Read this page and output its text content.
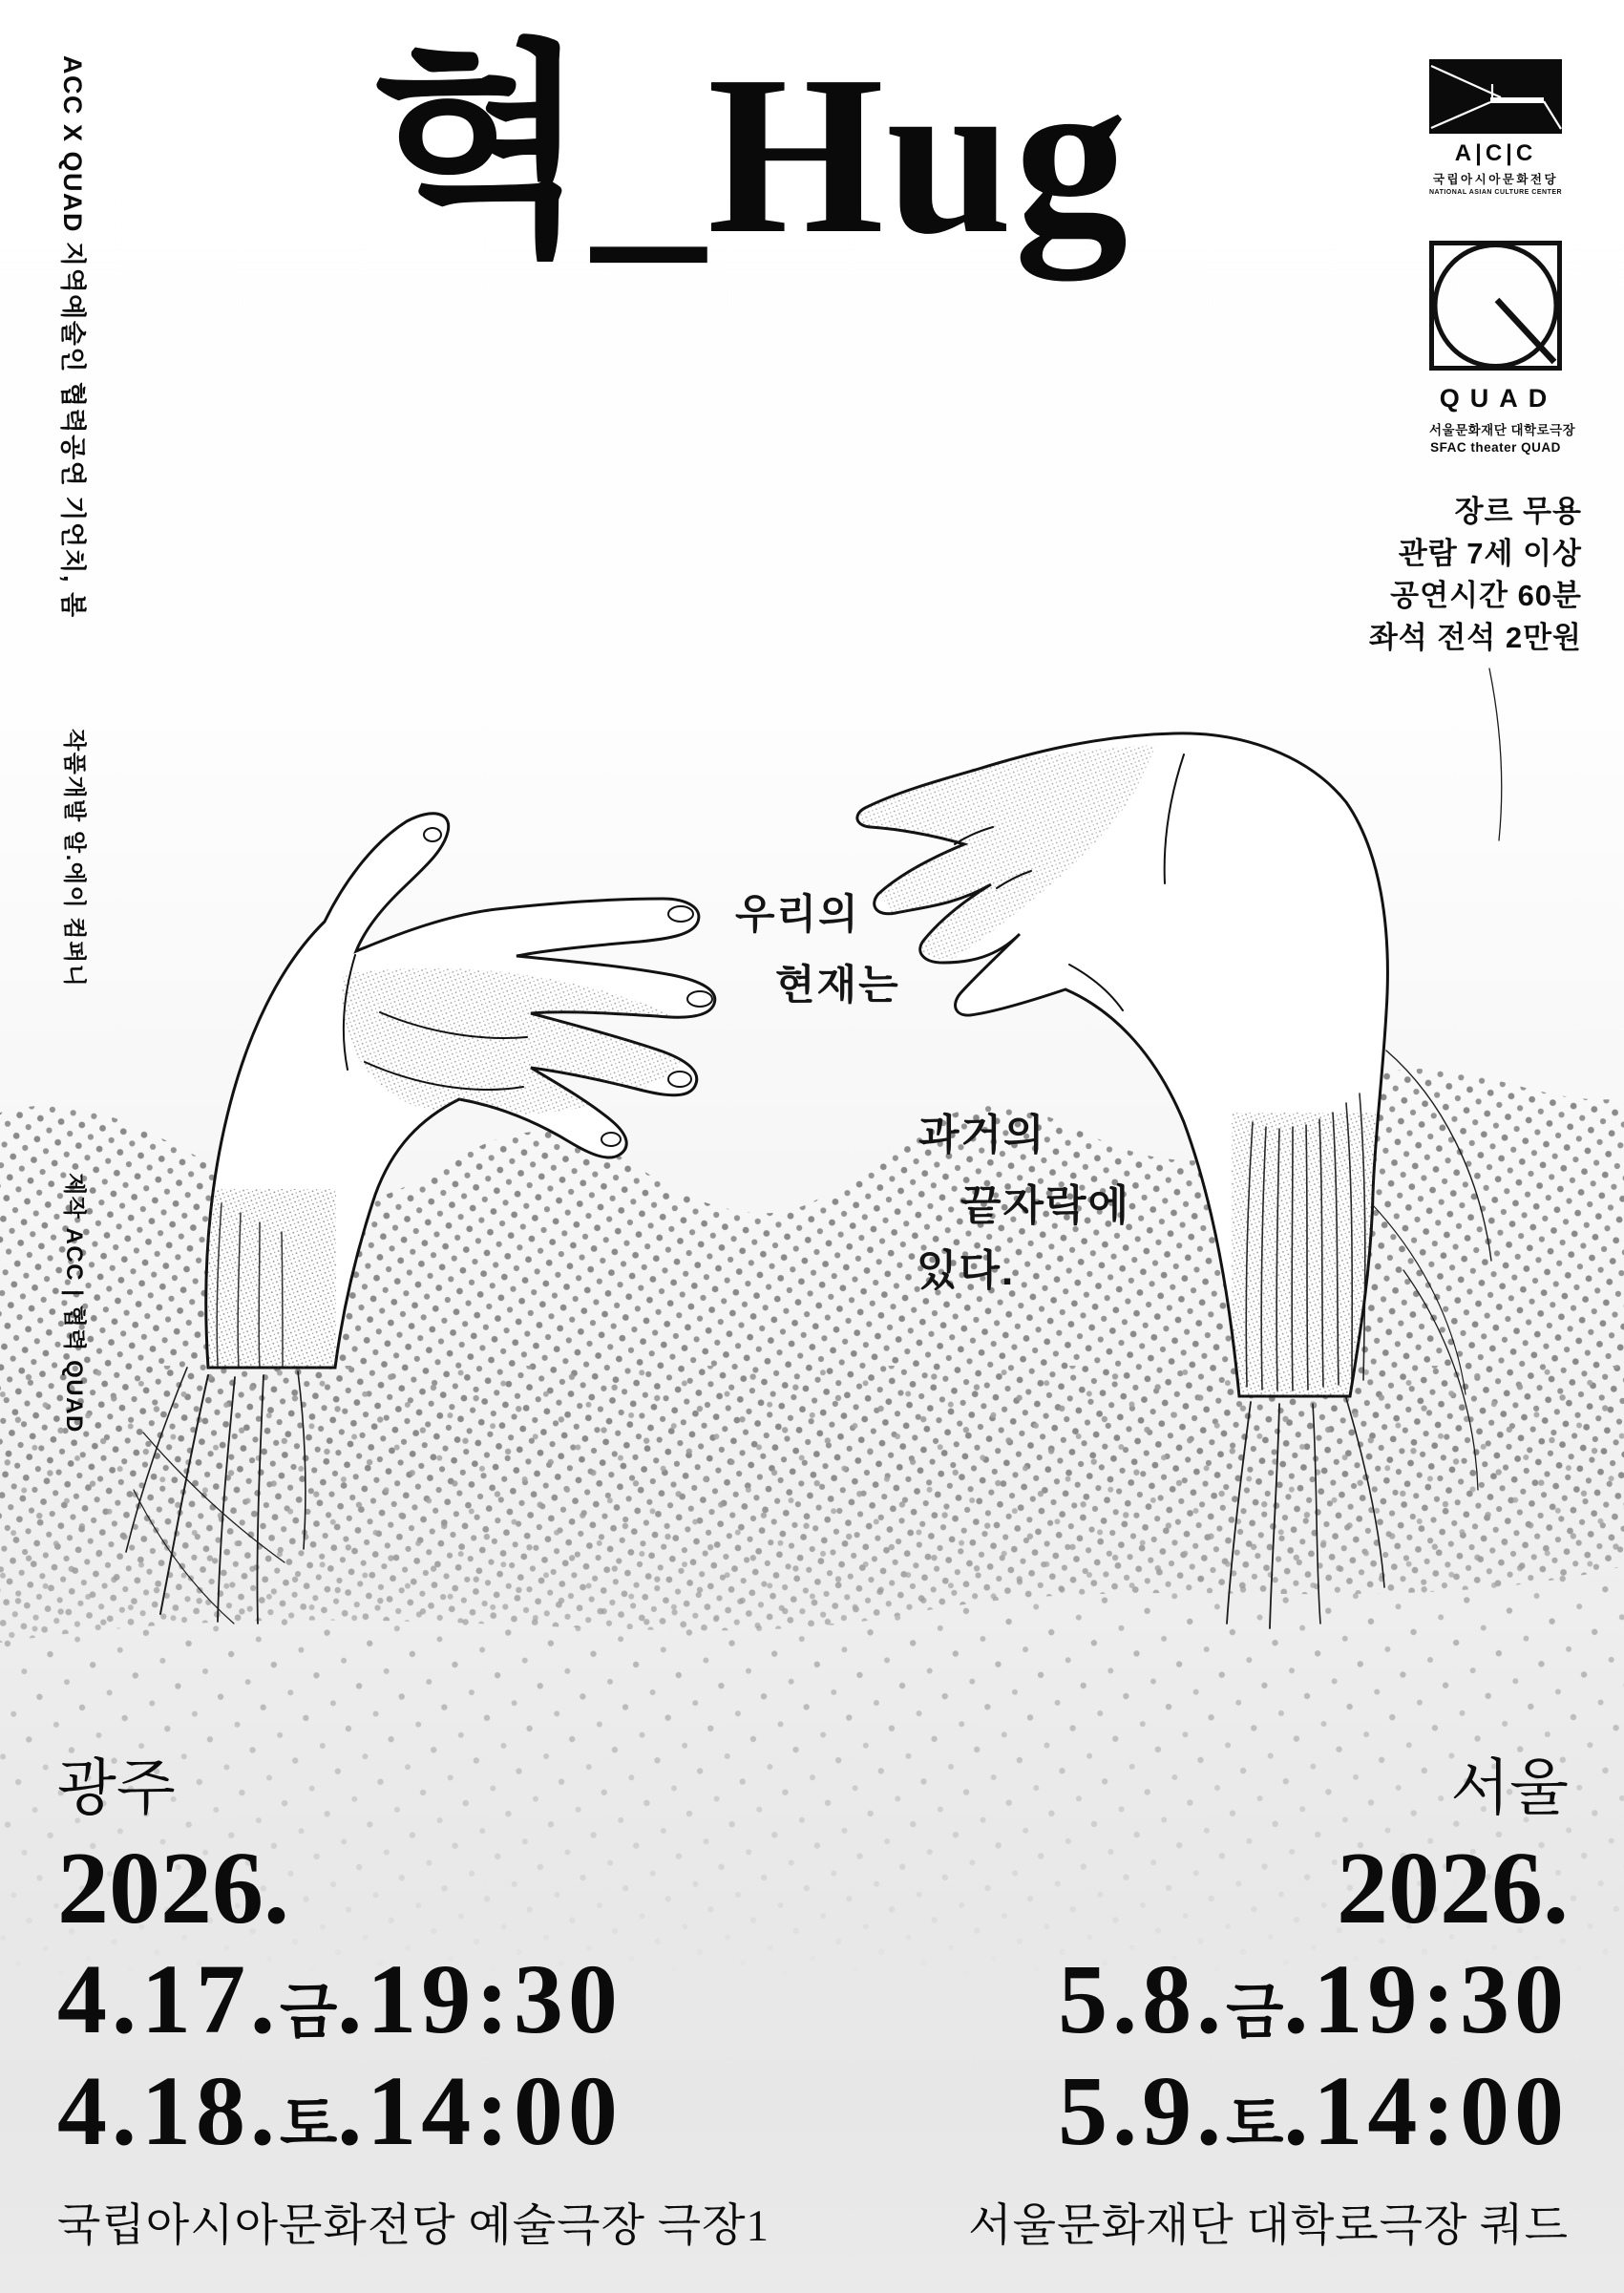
ACC X QUAD 지역예술인 협력공연 기언치, 봄
작품개발 알.에이 컴퍼니
제작 ACC | 협력 QUAD
혁_Hug	A|C|C
국립아시아문화전당
NATIONAL ASIAN CULTURE CENTER
QUAD
서울문화재단 대학로극장
SFAC theater QUAD
장르 무용
관람 7세 이상
공연시간 60분
좌석 전석 2만원
우리의
현재는
과거의
끝자락에
있다.
광주
2026.
4.17.금.19:30
4.18.토.14:00
국립아시아문화전당 예술극장 극장1
서울
2026.
5.8.금.19:30
5.9.토.14:00
서울문화재단 대학로극장 쿼드
